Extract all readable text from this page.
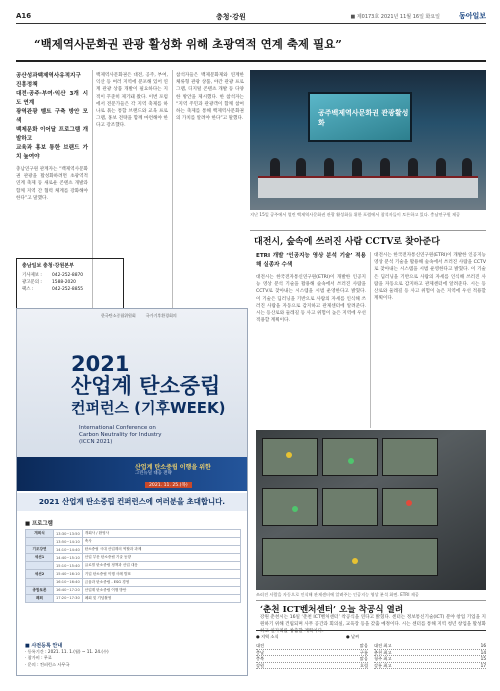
A16	충청·강원	■ 제0173호 2021년 11월 16일 화요일	동아일보
“백제역사문화권 관광 활성화 위해 초광역적 연계 축제 필요”
공산성과백제역사유적지구 진흥정책
대전·공주·부여·익산 3개 시도 연계
광역관광 벨트 구축 방안 모색
백제문화 이어달 프로그램 개발하고
교육과 홍보 통한 브랜드 가치 높여야
충남연구원 관계자는 “백제역사문화권 관광을 활성화하려면 초광역적 연계 축제 등 새로운 콘텐츠 개발과 함께 지역 간 협력 체계를 강화해야 한다”고 말했다.
백제역사문화권은 대전, 공주, 부여, 익산 등 여러 지역에 분포해 있어 연계 관광 상품 개발이 필요하다는 지적이 꾸준히 제기돼 왔다. 이번 포럼에서 전문가들은 각 지역 축제를 하나로 묶는 통합 브랜드와 교육 프로그램, 홍보 전략을 함께 마련해야 한다고 강조했다.
참석자들은 백제문화제와 연계한 체류형 관광 상품, 야간 관광 프로그램, 디지털 콘텐츠 개발 등 다양한 방안을 제시했다. 한 참석자는 “지역 주민과 관광객이 함께 참여하는 축제를 통해 백제역사문화권의 가치를 알려야 한다”고 말했다.
공주백제역사문화권 관광활성화
지난 15일 공주에서 열린 백제역사문화권 관광 활성화를 위한 포럼에서 참석자들이 토론하고 있다. 충남연구원 제공
충남일보 충청·강원본부
기사제보 :	042-252-8870
광고문의 :	1588-2020
팩스 :	042-252-8855
대전시, 숲속에 쓰러진 사람 CCTV로 찾아준다
ETRI 개발 ‘인공지능 영상 분석 기술’ 적용해 실종자 수색
대전시는 한국전자통신연구원(ETRI)이 개발한 인공지능 영상 분석 기술을 활용해 숲속에서 쓰러진 사람을 CCTV로 찾아내는 시스템을 시범 운영한다고 밝혔다. 이 기술은 딥러닝을 기반으로 사람의 자세를 인식해 쓰러진 사람을 자동으로 감지하고 관제센터에 알려준다. 시는 등산로와 둘레길 등 사고 위험이 높은 지역에 우선 적용할 계획이다.
대전시는 한국전자통신연구원(ETRI)이 개발한 인공지능 영상 분석 기술을 활용해 숲속에서 쓰러진 사람을 CCTV로 찾아내는 시스템을 시범 운영한다고 밝혔다. 이 기술은 딥러닝을 기반으로 사람의 자세를 인식해 쓰러진 사람을 자동으로 감지하고 관제센터에 알려준다. 시는 등산로와 둘레길 등 사고 위험이 높은 지역에 우선 적용할 계획이다.
쓰러진 사람을 자동으로 인식해 관제센터에 알려주는 인공지능 영상 분석 화면. ETRI 제공
‘춘천 ICT벤처센터’ 오늘 착공식 열려
강원 춘천시는 16일 ‘춘천 ICT벤처센터’ 착공식을 연다고 밝혔다. 센터는 정보통신기술(ICT) 분야 창업 기업을 지원하기 위해 건립되며 사무 공간과 회의실, 교육장 등을 갖출 예정이다. 시는 센터를 통해 지역 청년 창업을 활성화하고 일자리를 창출할 계획이다.
● 지역 소식	● 날씨
대전	맑음
충남	구름
충북	맑음
강원	흐림
대전 최고	16
춘천 최고	14
청주 최고	15
강릉 최고	17
한국탄소중립위원회	국가기후환경회의
2021
산업계 탄소중립
컨퍼런스 (기후WEEK)
International Conference on
Carbon Neutrality for Industry
(ICCN 2021)
산업계 탄소중립 이행을 위한
그린뉴딜 대응 전략
2021. 11. 25.(목)
2021 산업계 탄소중립 컨퍼런스에 여러분을 초대합니다.
■ 프로그램
개회식	13:30~13:50	개회사 / 환영사
	13:50~14:10	축사
기조강연	14:10~14:40	탄소중립 시대 산업계의 역할과 과제
세션1	14:40~15:10	산업 부문 탄소중립 기술 동향
	15:10~15:40	글로벌 탄소중립 정책과 산업 대응
세션2	15:40~16:10	기업 탄소중립 이행 사례 발표
	16:10~16:40	금융과 탄소중립 - ESG 경영
종합토론	16:40~17:20	산업계 탄소중립 이행 방안
폐회	17:20~17:30	폐회 및 기념촬영
■ 사전등록 안내
· 등록기간 : 2021. 11. 1.(월) ~ 11. 24.(수)
· 참가비 : 무료
· 문의 : 컨퍼런스 사무국
